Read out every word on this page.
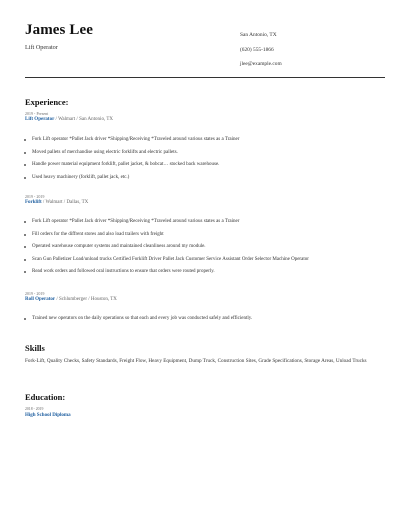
James Lee
Lift Operator
San Antonio, TX
(620) 555-1866
jlee@example.com
Experience:
2019 - Present
Lift Operator / Walmart / San Antonio, TX
Fork Lift operator *Pallet Jack driver *Shipping/Receiving *Traveled around various states as a Trainer
Moved pallets of merchandise using electric forklifts and electric pallets.
Handle power material equipment forklift, pallet jacket, & bobcat… stocked back warehouse.
Used heavy machinery (forklift, pallet jack, etc.)
2019 - 2019
Forklift / Walmart / Dallas, TX
Fork Lift operator *Pallet Jack driver *Shipping/Receiving *Traveled around various states as a Trainer
Fill orders for the diffrent stores and also load trailers with freight
Operated warehouse computer systems and maintained cleanliness around my module.
Scan Gun Palletizer Load/unload trucks Certified Forklift Driver Pallet Jack Customer Service Assistant Order Selector Machine Operator
Read work orders and followed oral instructions to ensure that orders were routed properly.
2019 - 2019
Roll Operator / Schlumberger / Houston, TX
Trained new operators on the daily operations so that each and every job was conducted safely and efficiently.
Skills
Fork-Lift, Quality Checks, Safety Standards, Freight Flow, Heavy Equipment, Dump Truck, Construction Sites, Grade Specifications, Storage Areas, Unload Trucks
Education:
2018 - 2019
High School Diploma
